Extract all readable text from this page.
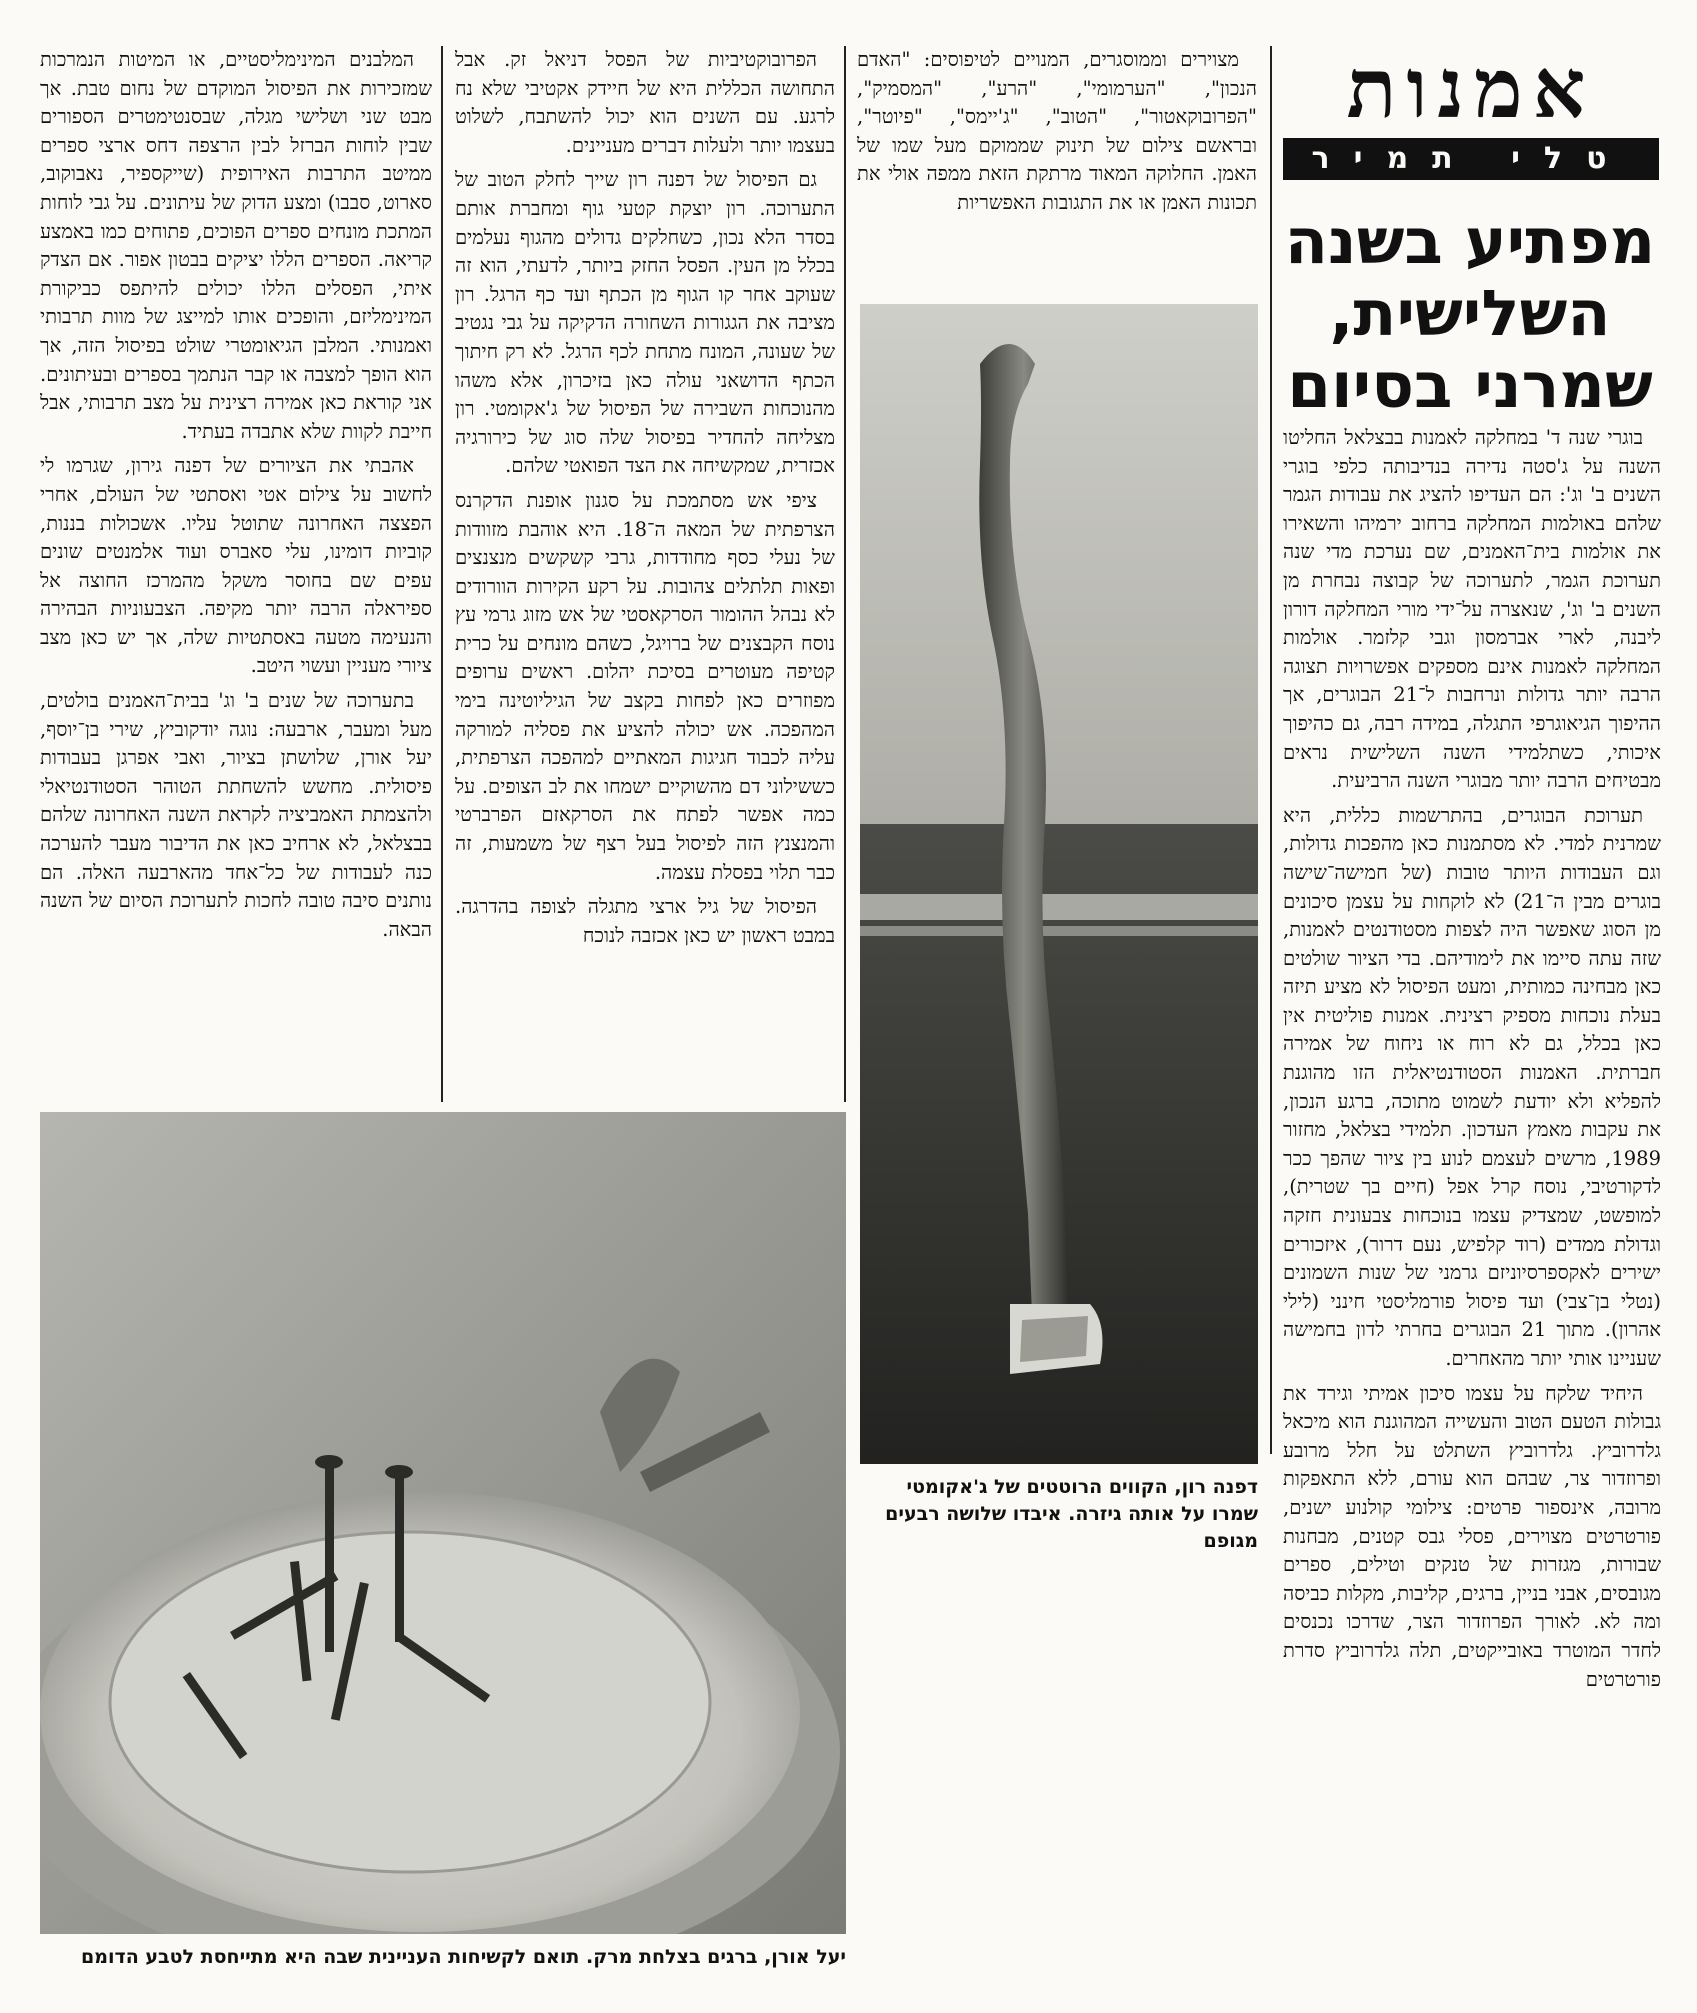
אמנות
טלי תמיר
מפתיע בשנה
השלישית,
שמרני בסיום

בוגרי שנה ד' במחלקה לאמנות בבצלאל החליטו השנה על ג'סטה נדירה בנדיבותה כלפי בוגרי השנים ב' וג': הם העדיפו להציג את עבודות הגמר שלהם באולמות המחלקה ברחוב ירמיהו והשאירו את אולמות בית־האמנים, שם נערכת מדי שנה תערוכת הגמר, לתערוכה של קבוצה נבחרת מן השנים ב' וג', שנאצרה על־ידי מורי המחלקה דורון ליבנה, לארי אברמסון וגבי קלזמר. אולמות המחלקה לאמנות אינם מספקים אפשרויות תצוגה הרבה יותר גדולות ונרחבות ל־21 הבוגרים, אך ההיפוך הגיאוגרפי התגלה, במידה רבה, גם כהיפוך איכותי, כשתלמידי השנה השלישית נראים מבטיחים הרבה יותר מבוגרי השנה הרביעית.

תערוכת הבוגרים, בהתרשמות כללית, היא שמרנית למדי. לא מסתמנות כאן מהפכות גדולות, וגם העבודות היותר טובות (של חמישה־שישה בוגרים מבין ה־21) לא לוקחות על עצמן סיכונים מן הסוג שאפשר היה לצפות מסטודנטים לאמנות, שזה עתה סיימו את לימודיהם. בדי הציור שולטים כאן מבחינה כמותית, ומעט הפיסול לא מציע תיזה בעלת נוכחות מספיק רצינית. אמנות פוליטית אין כאן בכלל, גם לא רוח או ניחוח של אמירה חברתית. האמנות הסטודנטיאלית הזו מהוגנת להפליא ולא יודעת לשמוט מתוכה, ברגע הנכון, את עקבות מאמץ העדכון. תלמידי בצלאל, מחזור 1989, מרשים לעצמם לנוע בין ציור שהפך ככר לדקורטיבי, נוסח קרל אפל (חיים בך שטרית), למופשט, שמצדיק עצמו בנוכחות צבעונית חזקה וגדולת ממדים (רוד קלפיש, נעם דרור), איזכורים ישירים לאקספרסיוניזם גרמני של שנות השמונים (נטלי בן־צבי) ועד פיסול פורמליסטי חינני (לילי אהרון). מתוך 21 הבוגרים בחרתי לדון בחמישה שעניינו אותי יותר מהאחרים.

היחיד שלקח על עצמו סיכון אמיתי וגירד את גבולות הטעם הטוב והעשייה המהוגנת הוא מיכאל גלדרוביץ. גלדרוביץ השתלט על חלל מרובע ופרוזדור צר, שבהם הוא עורם, ללא התאפקות מרובה, אינספור פרטים: צילומי קולנוע ישנים, פורטרטים מצוירים, פסלי גבס קטנים, מבחנות שבורות, מגזרות של טנקים וטילים, ספרים מגובסים, אבני בניין, ברגים, קליבות, מקלות כביסה ומה לא. לאורך הפרוזדור הצר, שדרכו נכנסים לחדר המוטרד באובייקטים, תלה גלדרוביץ סדרת פורטרטים

מצוירים וממוסגרים, המנויים לטיפוסים: "האדם הנכון", "הערמומי", "הרע", "המסמיק", "הפרובוקאטור", "הטוב", "ג'יימס", "פיוטר", ובראשם צילום של תינוק שממוקם מעל שמו של האמן. החלוקה המאוד מרתקת הזאת ממפה אולי את תכונות האמן או את התגובות האפשריות

הפרובוקטיביות של הפסל דניאל זק. אבל התחושה הכללית היא של חיידק אקטיבי שלא נח לרגע. עם השנים הוא יכול להשתבח, לשלוט בעצמו יותר ולעלות דברים מעניינים.

גם הפיסול של דפנה רון שייך לחלק הטוב של התערוכה. רון יוצקת קטעי גוף ומחברת אותם בסדר הלא נכון, כשחלקים גדולים מהגוף נעלמים בכלל מן העין. הפסל החזק ביותר, לדעתי, הוא זה שעוקב אחר קו הגוף מן הכתף ועד כף הרגל. רון מציבה את הגגורות השחורה הדקיקה על גבי נגטיב של שעונה, המונח מתחת לכף הרגל. לא רק חיתוך הכתף הדושאני עולה כאן בזיכרון, אלא משהו מהנוכחות השבירה של הפיסול של ג'אקומטי. רון מצליחה להחדיר בפיסול שלה סוג של כירורגיה אכזרית, שמקשיחה את הצד הפואטי שלהם.

ציפי אש מסתמכת על סגנון אופנת הדקרנס הצרפתית של המאה ה־18. היא אוהבת מזוודות של נעלי כסף מחודדות, גרבי קשקשים מנצנצים ופאות תלתלים צהובות. על רקע הקירות הוורודים לא נבהל ההומור הסרקאסטי של אש מזוג גרמי עץ נוסח הקבצנים של ברויגל, כשהם מונחים על כרית קטיפה מעוטרים בסיכת יהלום. ראשים ערופים מפוזרים כאן לפחות בקצב של הגיליוטינה בימי המהפכה. אש יכולה להציע את פסליה למורקה עליה לכבוד חגיגות המאתיים למהפכה הצרפתית, כששילוני דם מהשוקיים ישמחו את לב הצופים. על כמה אפשר לפתח את הסרקאזם הפרברטי והמנצנץ הזה לפיסול בעל רצף של משמעות, זה כבר תלוי בפסלת עצמה.

הפיסול של גיל ארצי מתגלה לצופה בהדרגה. במבט ראשון יש כאן אכזבה לנוכח

המלבנים המינימליסטיים, או המיטות הנמרכות שמזכירות את הפיסול המוקדם של נחום טבת. אך מבט שני ושלישי מגלה, שבסנטימטרים הספורים שבין לוחות הברזל לבין הרצפה דחס ארצי ספרים ממיטב התרבות האירופית (שייקספיר, נאבוקוב, סארוט, סבבו) ומצע הדוק של עיתונים. על גבי לוחות המתכת מונחים ספרים הפוכים, פתוחים כמו באמצע קריאה. הספרים הללו יציקים בבטון אפור. אם הצדק איתי, הפסלים הללו יכולים להיתפס כביקורת המינימליזם, והופכים אותו למייצג של מוות תרבותי ואמנותי. המלבן הגיאומטרי שולט בפיסול הזה, אך הוא הופך למצבה או קבר הנתמך בספרים ובעיתונים. אני קוראת כאן אמירה רצינית על מצב תרבותי, אבל חייבת לקוות שלא אתבדה בעתיד.

אהבתי את הציורים של דפנה גירון, שגרמו לי לחשוב על צילום אטי ואסתטי של העולם, אחרי הפצצה האחרונה שתוטל עליו. אשכולות בננות, קוביות דומינו, עלי סאברס ועוד אלמנטים שונים עפים שם בחוסר משקל מהמרכז החוצה אל ספיראלה הרבה יותר מקיפה. הצבעוניות הבהירה והנעימה מטעה באסתטיות שלה, אך יש כאן מצב ציורי מעניין ועשוי היטב.

בתערוכה של שנים ב' וג' בבית־האמנים בולטים, מעל ומעבר, ארבעה: נוגה יודקוביץ, שירי בן־יוסף, יעל אורן, שלושתן בציור, ואבי אפרגן בעבודות פיסולית. מחשש להשחתת הטוהר הסטודנטיאלי ולהצמתת האמביציה לקראת השנה האחרונה שלהם בבצלאל, לא ארחיב כאן את הדיבור מעבר להערכה כנה לעבודות של כל־אחד מהארבעה האלה. הם נותנים סיבה טובה לחכות לתערוכת הסיום של השנה הבאה.

דפנה רון, הקווים הרוטטים של ג'אקומטי שמרו על אותה גיזרה. איבדו שלושה רבעים מגופם
יעל אורן, ברגים בצלחת מרק. תואם לקשיחות העניינית שבה היא מתייחסת לטבע הדומם
